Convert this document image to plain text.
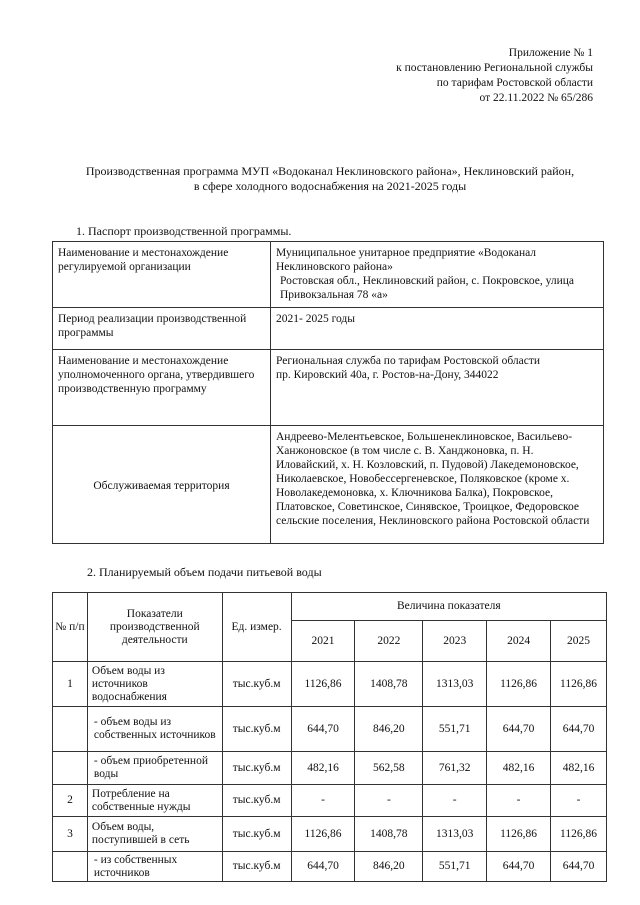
Приложение № 1
к постановлению Региональной службы
по тарифам Ростовской области
от 22.11.2022 № 65/286
Производственная программа МУП «Водоканал Неклиновского района», Неклиновский район,
в сфере холодного водоснабжения на 2021-2025 годы
1. Паспорт производственной программы.
Наименование и местонахождение регулируемой организации	Муниципальное унитарное предприятие «Водоканал Неклиновского района»
Ростовская обл., Неклиновский район, с. Покровское, улица Привокзальная 78 «а»

Период реализации производственной программы	2021- 2025 годы
Наименование и местонахождение уполномоченного органа, утвердившего производственную программу	Региональная служба по тарифам Ростовской области
пр. Кировский 40а, г. Ростов-на-Дону, 344022

Обслуживаемая территория	Андреево-Мелентьевское, Большенеклиновское, Васильево-Ханжоновское (в том числе с. В. Ханджоновка, п. Н. Иловайский, х. Н. Козловский, п. Пудовой) Лакедемоновское, Николаевское, Новобессергеневское, Поляковское (кроме х. Новолакедемоновка, х. Ключникова Балка), Покровское, Платовское, Советинское, Синявское, Троицкое, Федоровское сельские поселения, Неклиновского района Ростовской области
2. Планируемый объем подачи питьевой воды
№ п/п	Показатели производственной деятельности	Ед. измер.	Величина показателя				
			2021	2022	2023	2024	2025
1	Объем воды из источников водоснабжения	тыс.куб.м	1126,86	1408,78	1313,03	1126,86	1126,86
	- объем воды из собственных источников	тыс.куб.м	644,70	846,20	551,71	644,70	644,70
	- объем приобретенной воды	тыс.куб.м	482,16	562,58	761,32	482,16	482,16
2	Потребление на собственные нужды	тыс.куб.м	-	-	-	-	-
3	Объем воды, поступившей в сеть	тыс.куб.м	1126,86	1408,78	1313,03	1126,86	1126,86
	- из собственных источников	тыс.куб.м	644,70	846,20	551,71	644,70	644,70
